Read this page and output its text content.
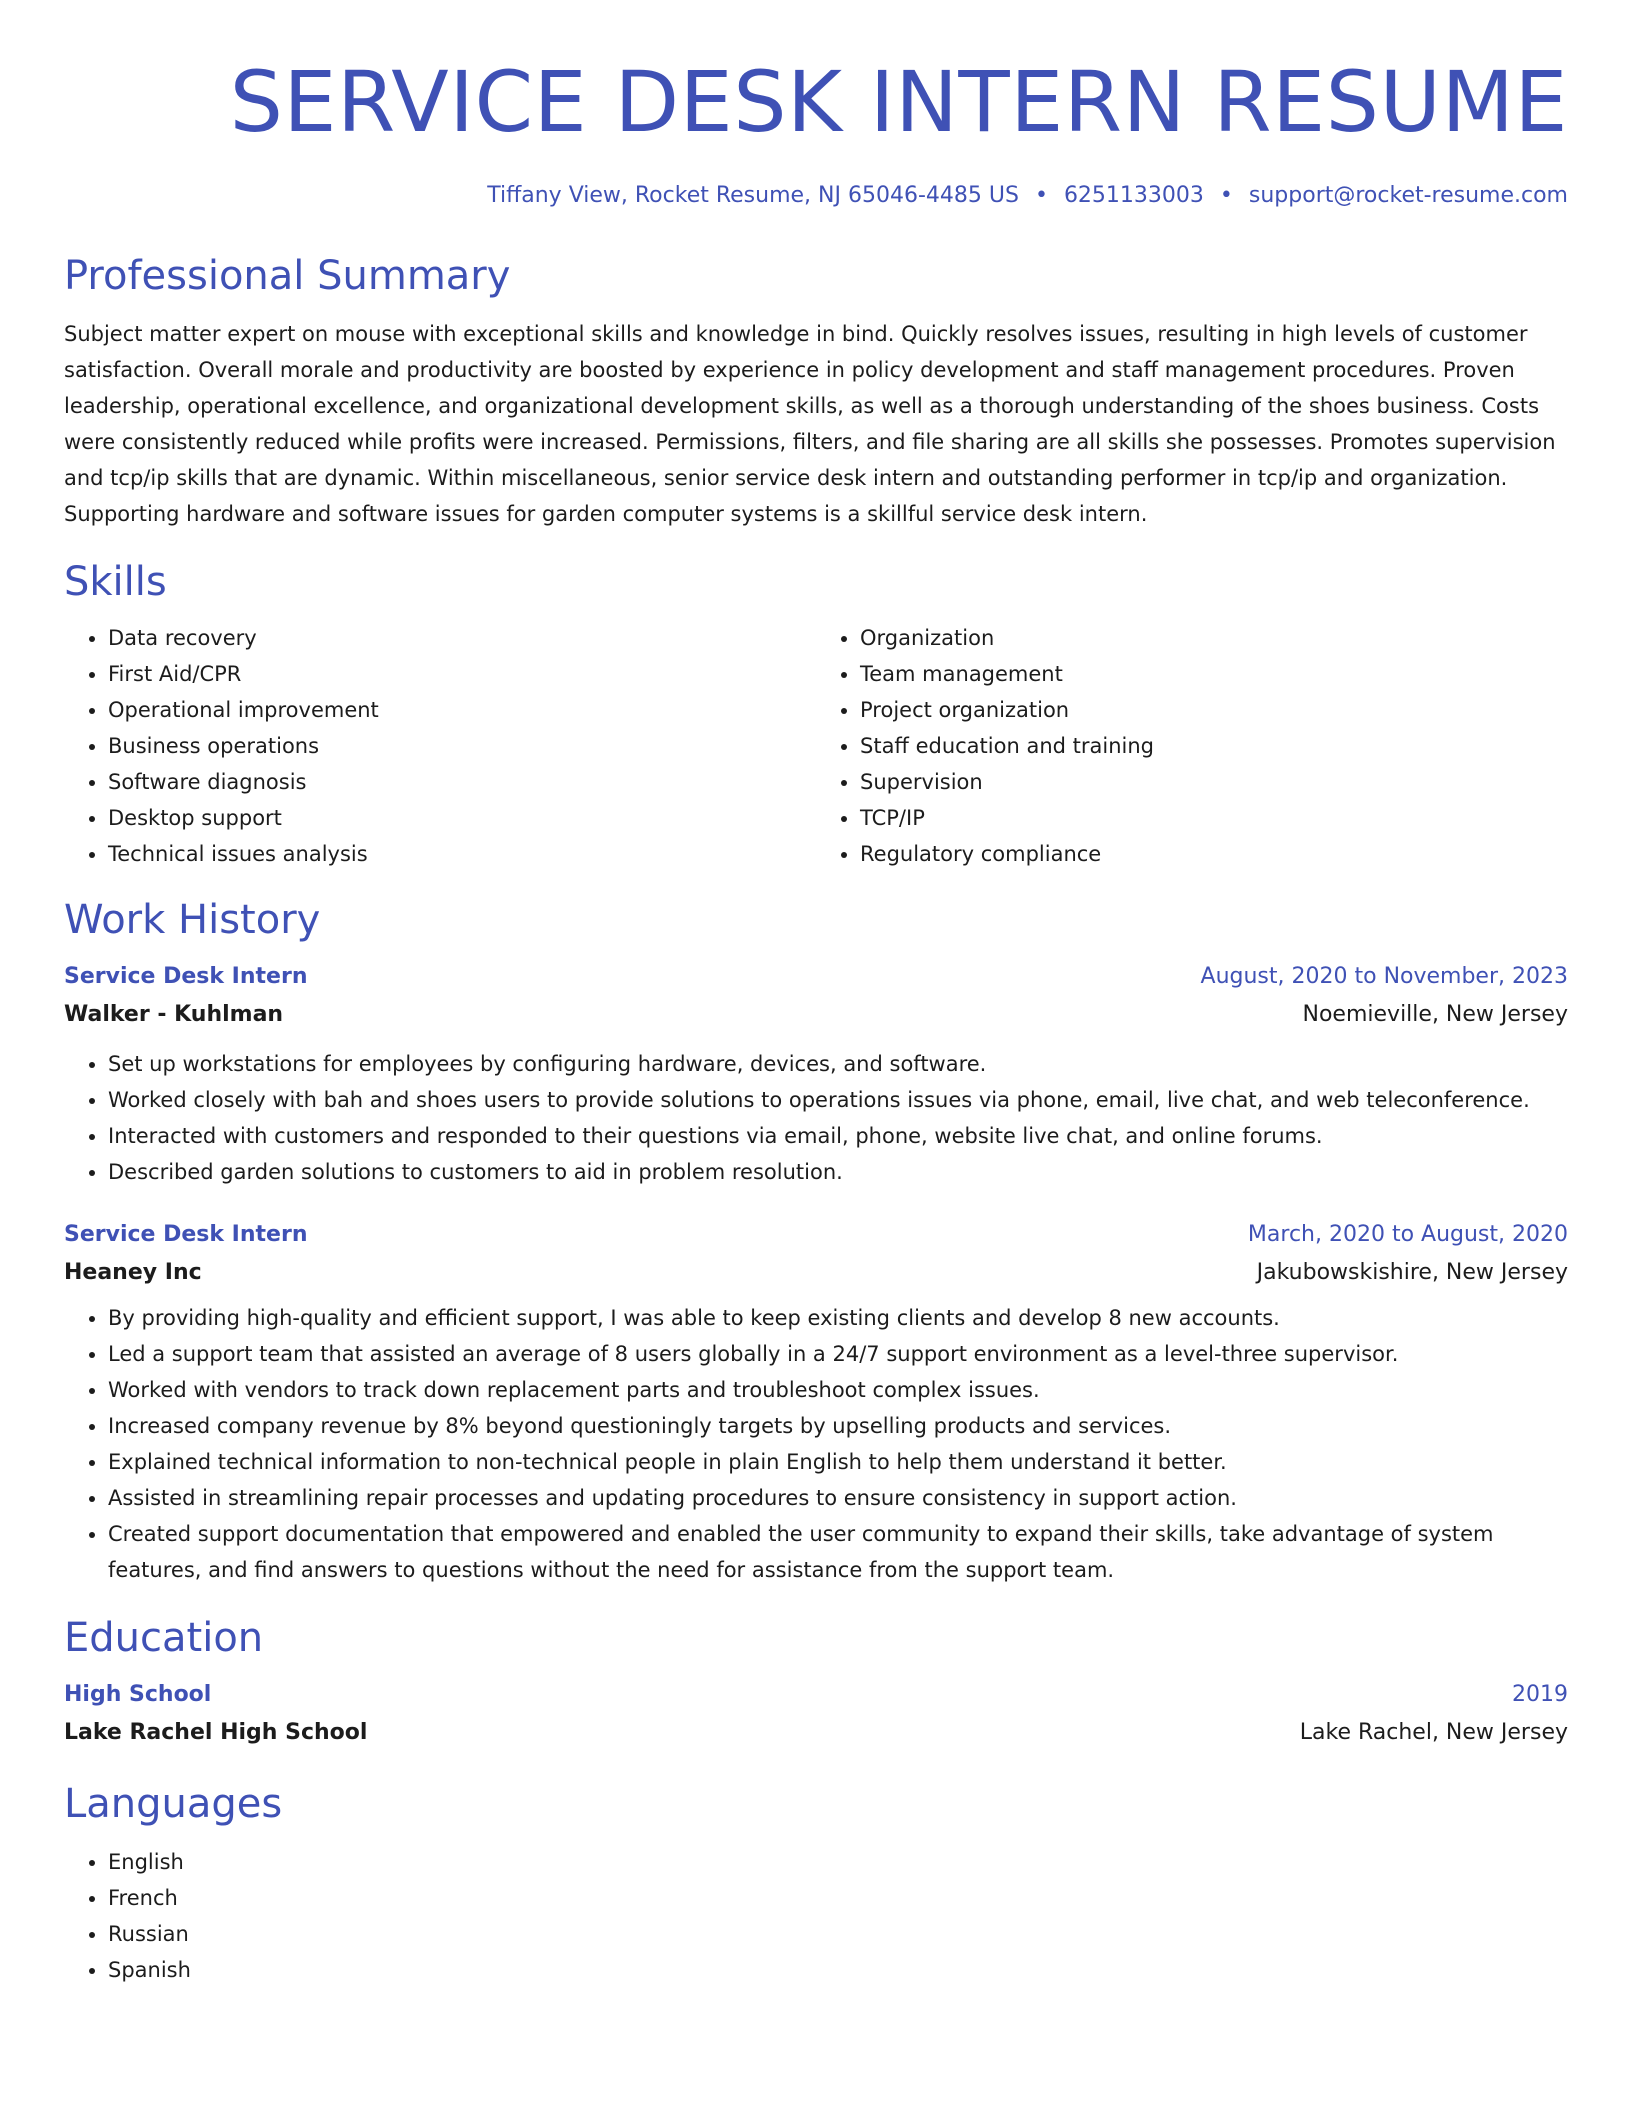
SERVICE DESK INTERN RESUME
Tiffany View, Rocket Resume, NJ 65046-4485 US • 6251133003 • support@rocket-resume.com
Professional Summary

Subject matter expert on mouse with exceptional skills and knowledge in bind. Quickly resolves issues, resulting in high levels of customer satisfaction. Overall morale and productivity are boosted by experience in policy development and staff management procedures. Proven leadership, operational excellence, and organizational development skills, as well as a thorough understanding of the shoes business. Costs were consistently reduced while profits were increased. Permissions, filters, and file sharing are all skills she possesses. Promotes supervision and tcp/ip skills that are dynamic. Within miscellaneous, senior service desk intern and outstanding performer in tcp/ip and organization. Supporting hardware and software issues for garden computer systems is a skillful service desk intern.

Skills
• Data recovery
• First Aid/CPR
• Operational improvement
• Business operations
• Software diagnosis
• Desktop support
• Technical issues analysis
• Organization
• Team management
• Project organization
• Staff education and training
• Supervision
• TCP/IP
• Regulatory compliance
Work History
Service Desk Intern	August, 2020 to November, 2023
Walker - Kuhlman	Noemieville, New Jersey
• Set up workstations for employees by configuring hardware, devices, and software.
• Worked closely with bah and shoes users to provide solutions to operations issues via phone, email, live chat, and web teleconference.
• Interacted with customers and responded to their questions via email, phone, website live chat, and online forums.
• Described garden solutions to customers to aid in problem resolution.
Service Desk Intern	March, 2020 to August, 2020
Heaney Inc	Jakubowskishire, New Jersey
• By providing high-quality and efficient support, I was able to keep existing clients and develop 8 new accounts.
• Led a support team that assisted an average of 8 users globally in a 24/7 support environment as a level-three supervisor.
• Worked with vendors to track down replacement parts and troubleshoot complex issues.
• Increased company revenue by 8% beyond questioningly targets by upselling products and services.
• Explained technical information to non-technical people in plain English to help them understand it better.
• Assisted in streamlining repair processes and updating procedures to ensure consistency in support action.
• Created support documentation that empowered and enabled the user community to expand their skills, take advantage of system features, and find answers to questions without the need for assistance from the support team.
Education
High School	2019
Lake Rachel High School	Lake Rachel, New Jersey
Languages
• English
• French
• Russian
• Spanish
